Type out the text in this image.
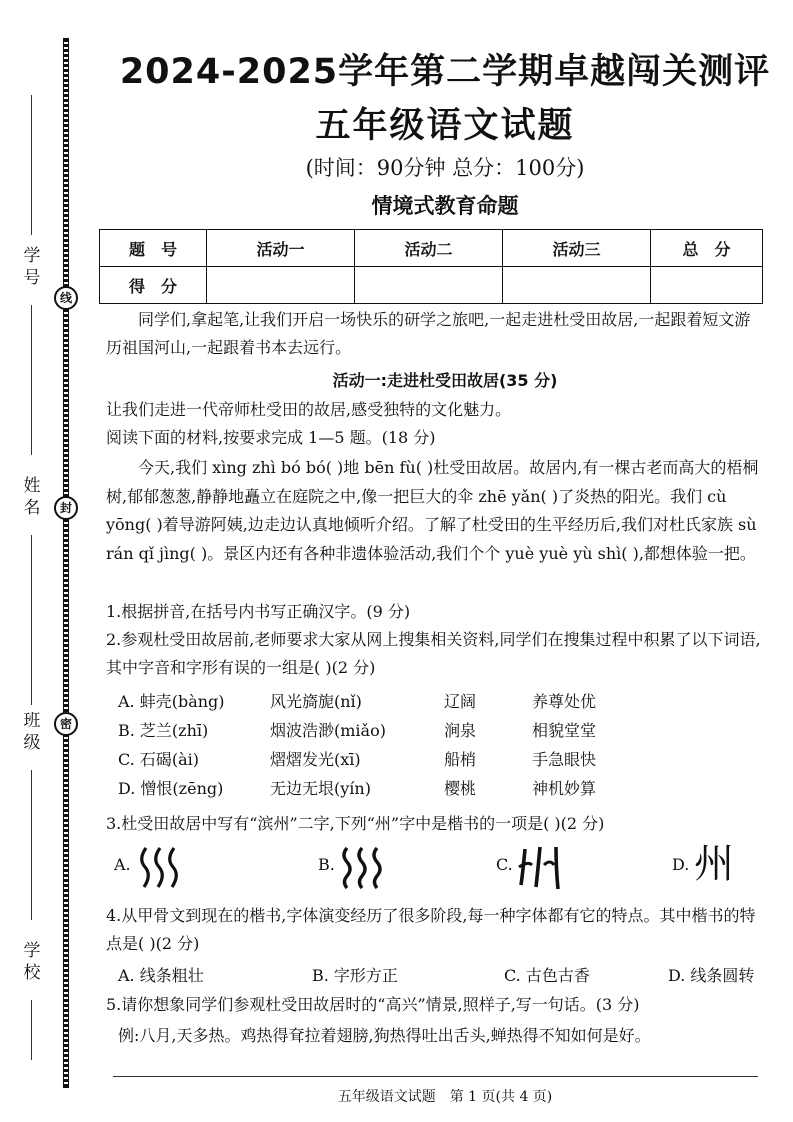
学 号
姓 名
班 级
学 校
线
封
密
2024-2025学年第二学期卓越闯关测评
五年级语文试题
(时间：90分钟 总分：100分)
情境式教育命题
题　号	活动一	活动二	活动三	总　分
得　分				
同学们,拿起笔,让我们开启一场快乐的研学之旅吧,一起走进杜受田故居,一起跟着短文游历祖国河山,一起跟着书本去远行。
活动一:走进杜受田故居(35 分)
让我们走进一代帝师杜受田的故居,感受独特的文化魅力。
阅读下面的材料,按要求完成 1—5 题。(18 分)
今天,我们 xìng zhì bó bó( )地 bēn fù( )杜受田故居。故居内,有一棵古老而高大的梧桐树,郁郁葱葱,静静地矗立在庭院之中,像一把巨大的伞 zhē yǎn( )了炎热的阳光。我们 cù yōng( )着导游阿姨,边走边认真地倾听介绍。了解了杜受田的生平经历后,我们对杜氏家族 sù rán qǐ jìng( )。景区内还有各种非遗体验活动,我们个个 yuè yuè yù shì( ),都想体验一把。
1.根据拼音,在括号内书写正确汉字。(9 分)
2.参观杜受田故居前,老师要求大家从网上搜集相关资料,同学们在搜集过程中积累了以下词语,其中字音和字形有误的一组是( )(2 分)
A. 蚌壳(bàng)	风光旖旎(nǐ)	辽阔	养尊处优
B. 芝兰(zhī)	烟波浩渺(miǎo)	涧泉	相貌堂堂
C. 石碣(ài)	熠熠发光(xī)	船梢	手急眼快
D. 憎恨(zēng)	无边无垠(yín)	樱桃	神机妙算
3.杜受田故居中写有“滨州”二字,下列“州”字中是楷书的一项是( )(2 分)
A.	B.	C.	D. 州
4.从甲骨文到现在的楷书,字体演变经历了很多阶段,每一种字体都有它的特点。其中楷书的特点是( )(2 分)
A. 线条粗壮	B. 字形方正	C. 古色古香	D. 线条圆转
5.请你想象同学们参观杜受田故居时的“高兴”情景,照样子,写一句话。(3 分)
例:八月,天多热。鸡热得耷拉着翅膀,狗热得吐出舌头,蝉热得不知如何是好。
五年级语文试题　第 1 页(共 4 页)
